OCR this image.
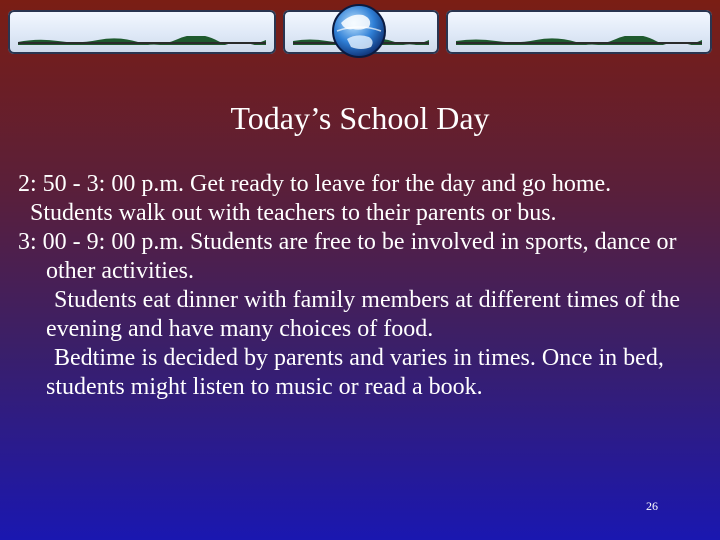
Today’s School Day

2: 50 - 3: 00 p.m. Get ready to leave for the day and go home.

Students walk out with teachers to their parents or bus.

3: 00 - 9: 00 p.m. Students are free to be involved in sports, dance or other activities.

Students eat dinner with family members at different times of the evening and have many choices of food.

Bedtime is decided by parents and varies in times. Once in bed, students might listen to music or read a book.

26
